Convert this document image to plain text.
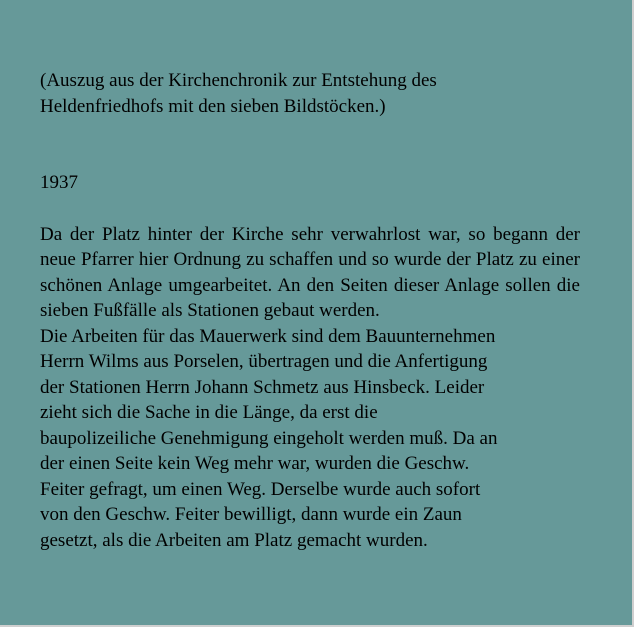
(Auszug aus der Kirchenchronik zur Entstehung des
Heldenfriedhofs mit den sieben Bildstöcken.)

1937

Da der Platz hinter der Kirche sehr verwahrlost war, so begann der neue Pfarrer hier Ordnung zu schaffen und so wurde der Platz zu einer schönen Anlage umgearbeitet. An den Seiten dieser Anlage sollen die sieben Fußfälle als Stationen gebaut werden.

Die Arbeiten für das Mauerwerk sind dem Bauunternehmen
Herrn Wilms aus Porselen, übertragen und die Anfertigung
der Stationen Herrn Johann Schmetz aus Hinsbeck. Leider
zieht sich die Sache in die Länge, da erst die
baupolizeiliche Genehmigung eingeholt werden muß. Da an
der einen Seite kein Weg mehr war, wurden die Geschw.
Feiter gefragt, um einen Weg. Derselbe wurde auch sofort
von den Geschw. Feiter bewilligt, dann wurde ein Zaun
gesetzt, als die Arbeiten am Platz gemacht wurden.
